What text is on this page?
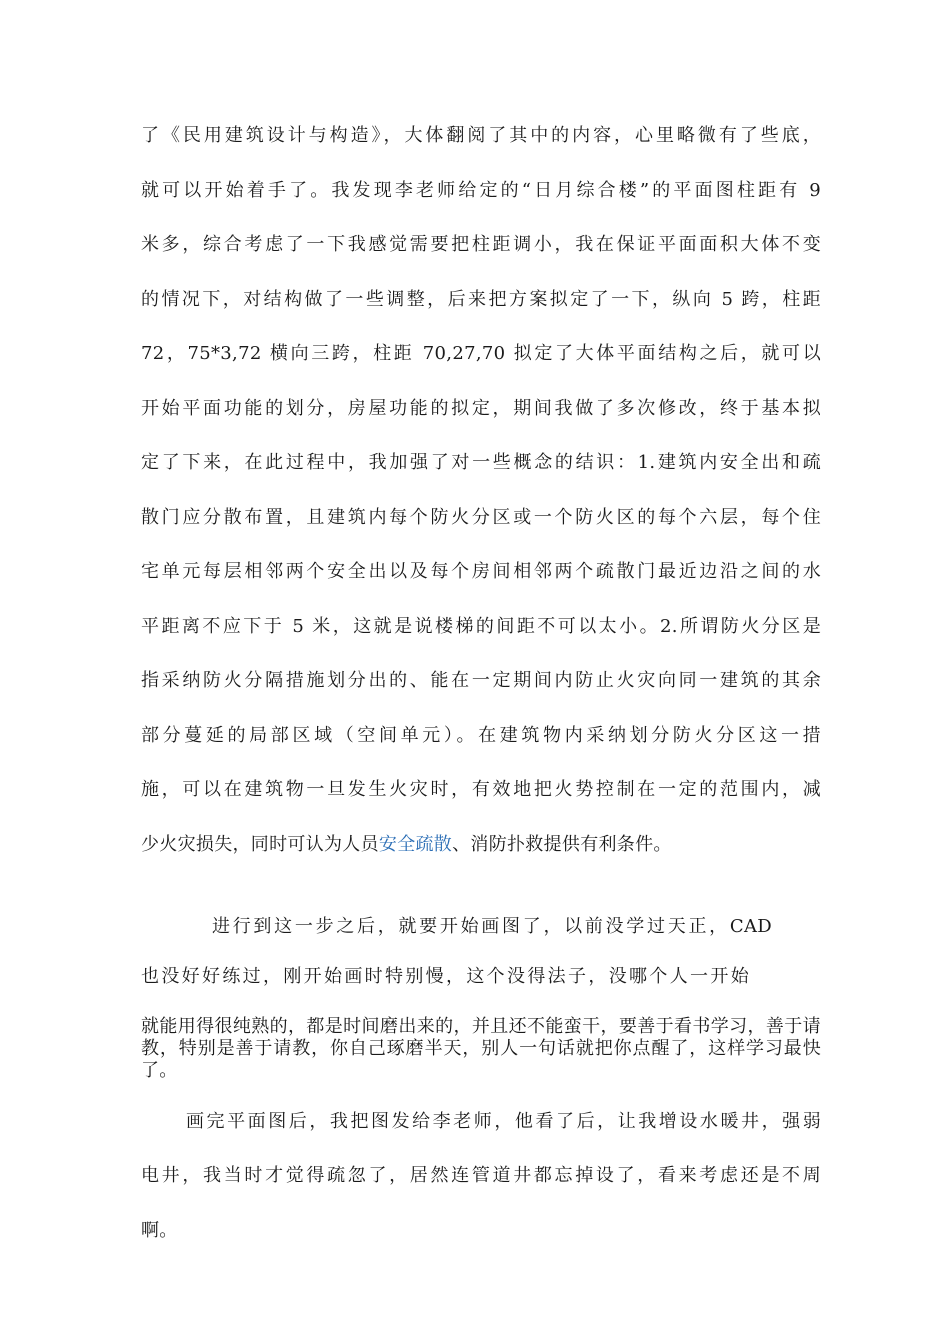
了《民用建筑设计与构造》，大体翻阅了其中的内容，心里略微有了些底，
就可以开始着手了。我发现李老师给定的“日月综合楼”的平面图柱距有 9
米多，综合考虑了一下我感觉需要把柱距调小，我在保证平面面积大体不变
的情况下，对结构做了一些调整，后来把方案拟定了一下，纵向 5 跨，柱距
72，75*3,72 横向三跨，柱距 70,27,70 拟定了大体平面结构之后，就可以
开始平面功能的划分，房屋功能的拟定，期间我做了多次修改，终于基本拟
定了下来，在此过程中，我加强了对一些概念的结识：1.建筑内安全出和疏
散门应分散布置，且建筑内每个防火分区或一个防火区的每个六层，每个住
宅单元每层相邻两个安全出以及每个房间相邻两个疏散门最近边沿之间的水
平距离不应下于 5 米，这就是说楼梯的间距不可以太小。2.所谓防火分区是
指采纳防火分隔措施划分出的、能在一定期间内防止火灾向同一建筑的其余
部分蔓延的局部区域（空间单元）。在建筑物内采纳划分防火分区这一措
施，可以在建筑物一旦发生火灾时，有效地把火势控制在一定的范围内，减
少火灾损失，同时可认为人员安全疏散、消防扑救提供有利条件。
进行到这一步之后，就要开始画图了，以前没学过天正，CAD
也没好好练过，刚开始画时特别慢，这个没得法子，没哪个人一开始
就能用得很纯熟的，都是时间磨出来的，并且还不能蛮干，要善于看书学习，善于请教，特别是善于请教，你自己琢磨半天，别人一句话就把你点醒了，这样学习最快了。
画完平面图后，我把图发给李老师，他看了后，让我增设水暖井，强弱
电井，我当时才觉得疏忽了，居然连管道井都忘掉设了，看来考虑还是不周
啊。
